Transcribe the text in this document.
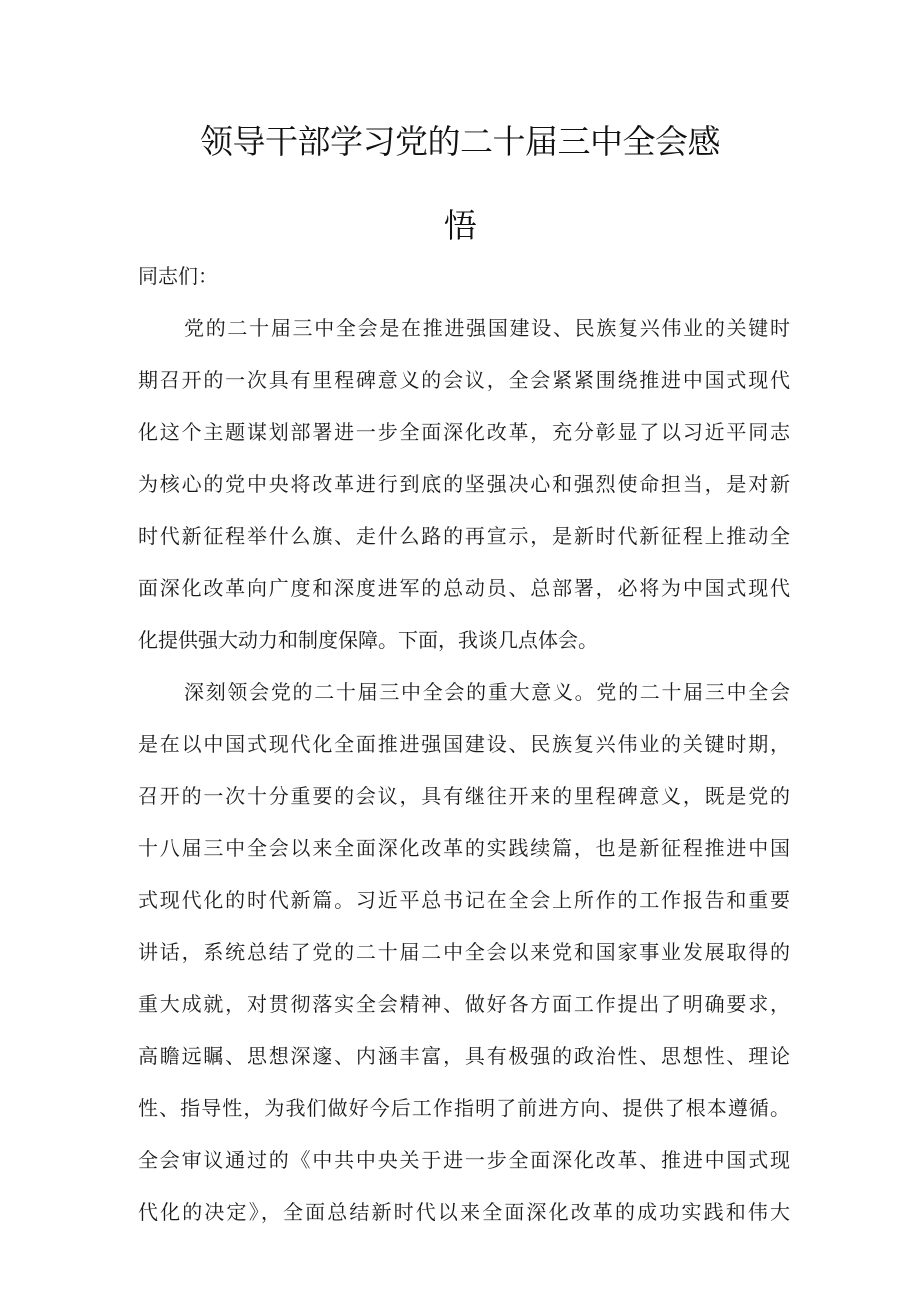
领导干部学习党的二十届三中全会感
悟
同志们：
党的二十届三中全会是在推进强国建设、民族复兴伟业的关键时
期召开的一次具有里程碑意义的会议，全会紧紧围绕推进中国式现代
化这个主题谋划部署进一步全面深化改革，充分彰显了以习近平同志
为核心的党中央将改革进行到底的坚强决心和强烈使命担当，是对新
时代新征程举什么旗、走什么路的再宣示，是新时代新征程上推动全
面深化改革向广度和深度进军的总动员、总部署，必将为中国式现代
化提供强大动力和制度保障。下面，我谈几点体会。
深刻领会党的二十届三中全会的重大意义。党的二十届三中全会
是在以中国式现代化全面推进强国建设、民族复兴伟业的关键时期，
召开的一次十分重要的会议，具有继往开来的里程碑意义，既是党的
十八届三中全会以来全面深化改革的实践续篇，也是新征程推进中国
式现代化的时代新篇。习近平总书记在全会上所作的工作报告和重要
讲话，系统总结了党的二十届二中全会以来党和国家事业发展取得的
重大成就，对贯彻落实全会精神、做好各方面工作提出了明确要求，
高瞻远瞩、思想深邃、内涵丰富，具有极强的政治性、思想性、理论
性、指导性，为我们做好今后工作指明了前进方向、提供了根本遵循。
全会审议通过的《中共中央关于进一步全面深化改革、推进中国式现
代化的决定》，全面总结新时代以来全面深化改革的成功实践和伟大
